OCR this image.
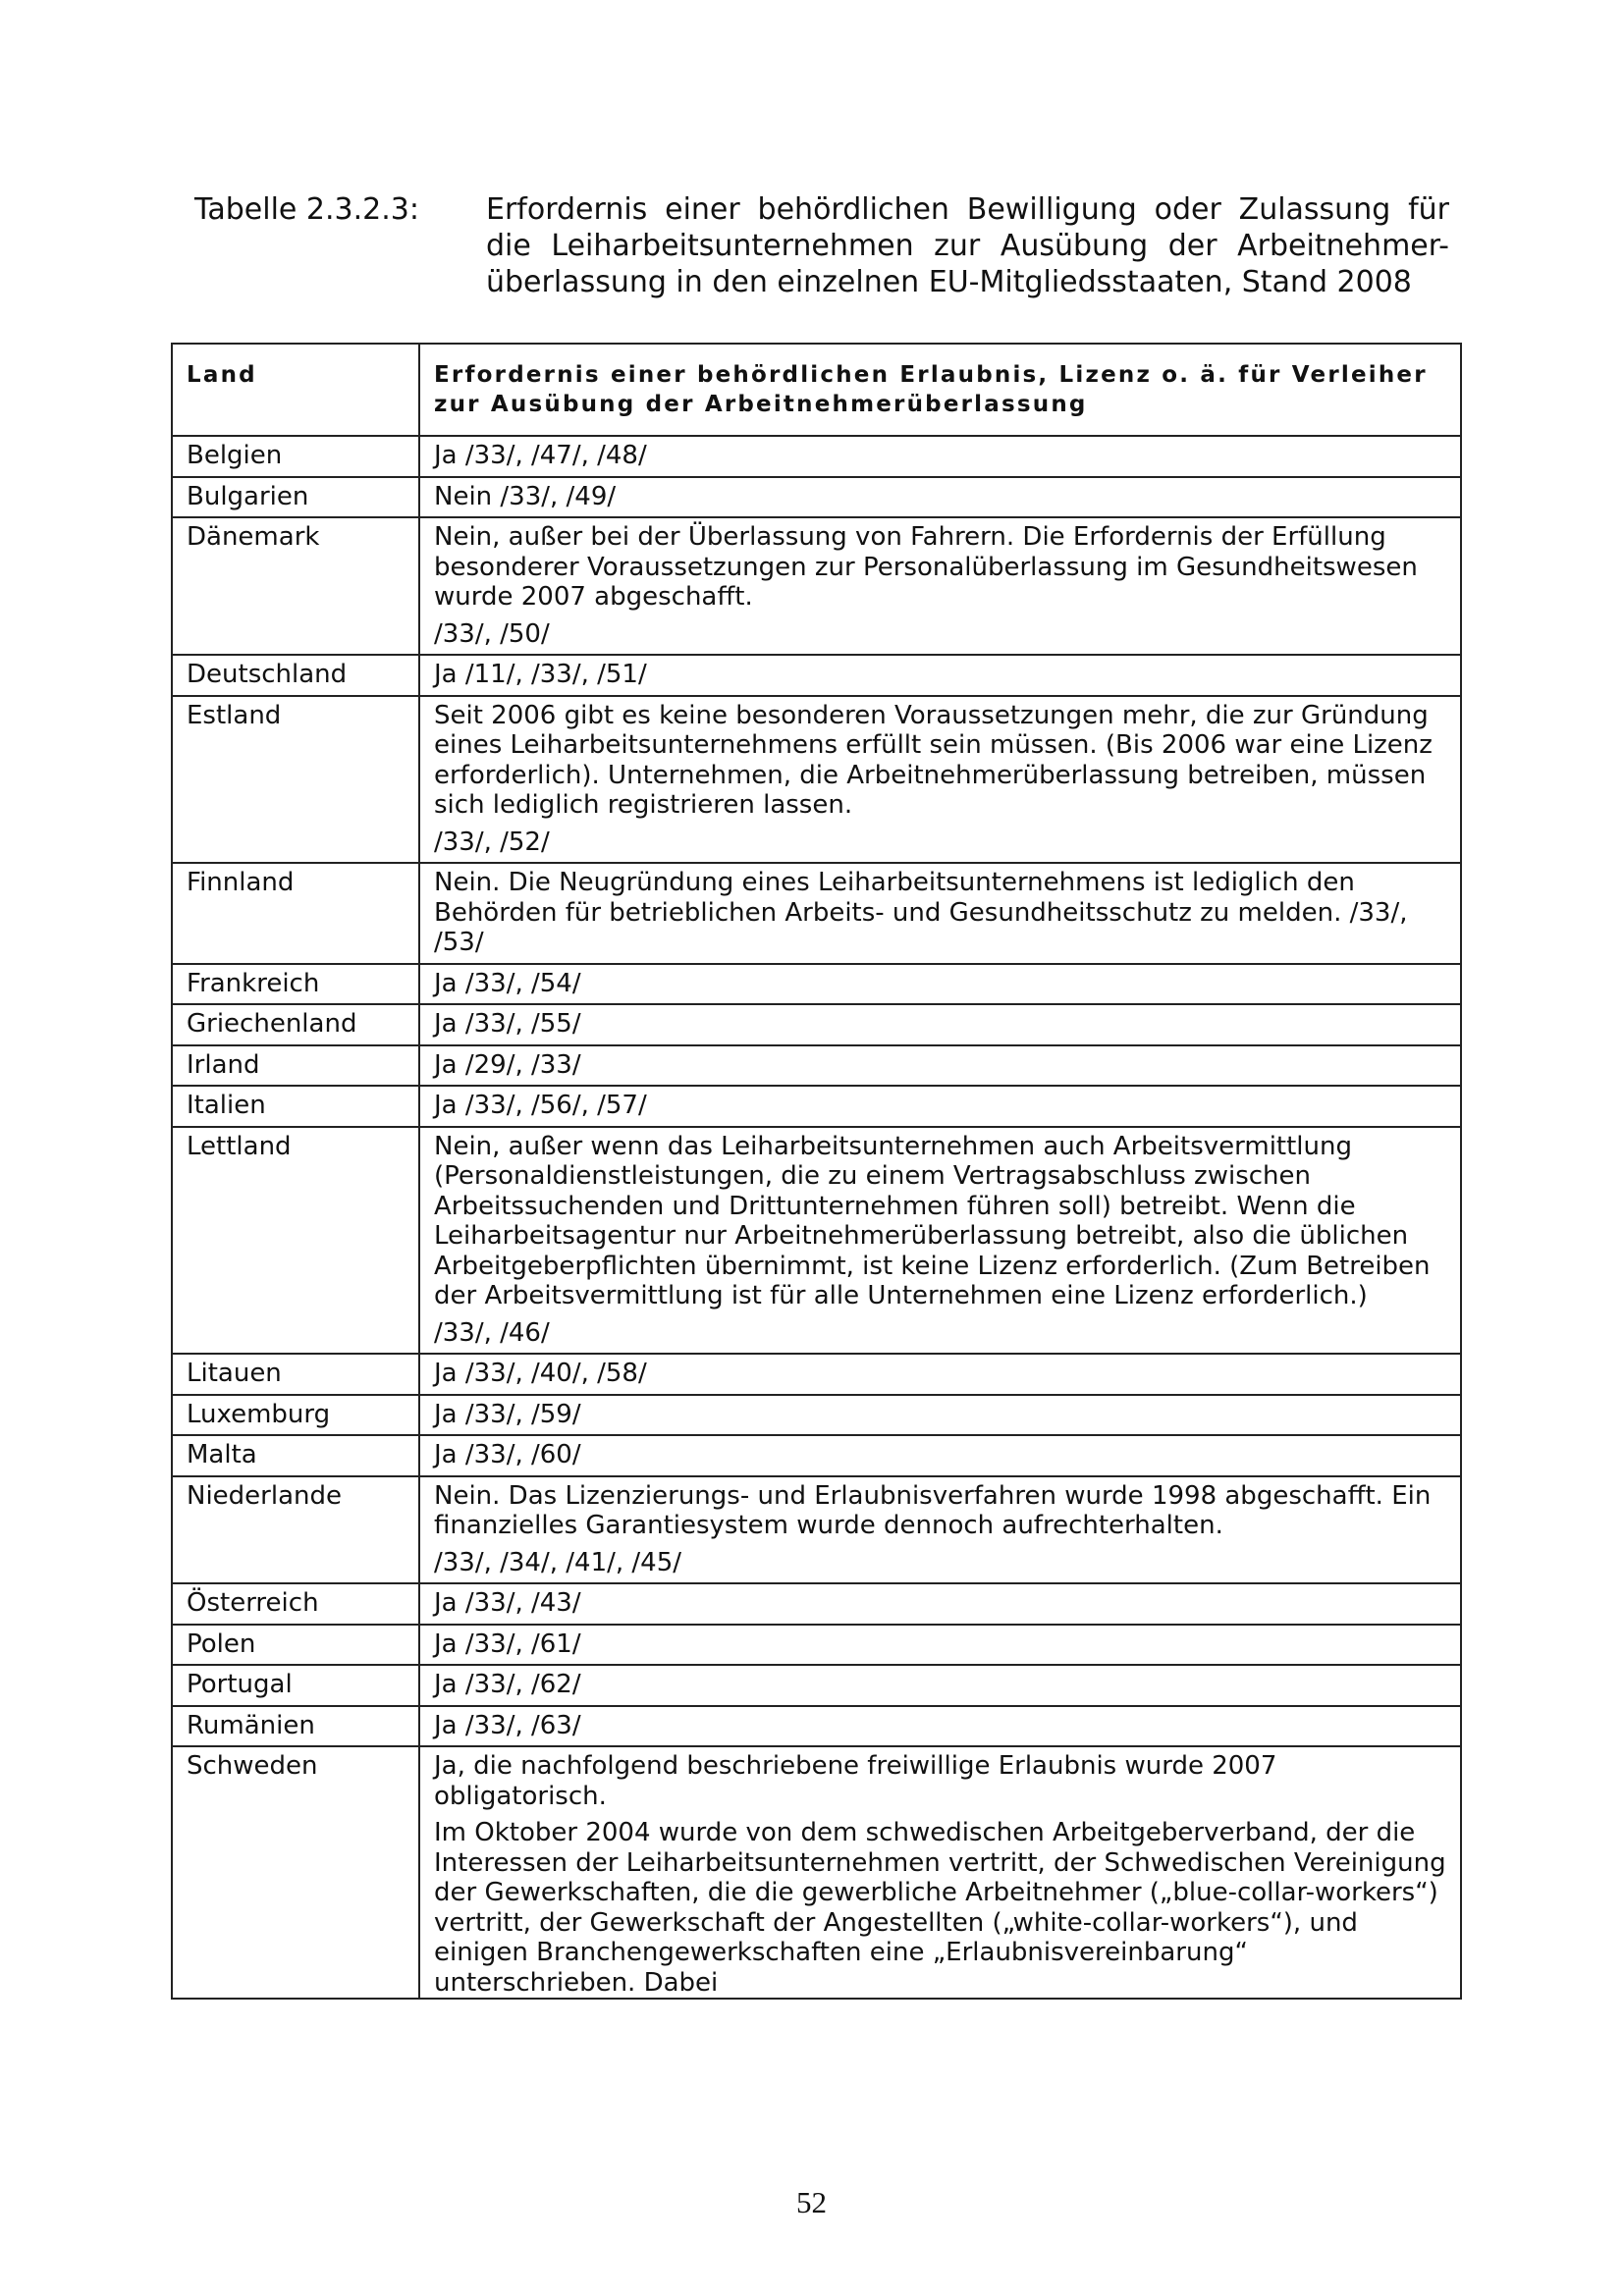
Tabelle 2.3.2.3:	Erfordernis einer behördlichen Bewilligung oder Zulassung für die Leiharbeitsunternehmen zur Ausübung der Arbeitnehmer-überlassung in den einzelnen EU-Mitgliedsstaaten, Stand 2008
Land	Erfordernis einer behördlichen Erlaubnis, Lizenz o. ä. für Verleiher zur Ausübung der Arbeitnehmerüberlassung
Belgien	Ja /33/, /47/, /48/

Bulgarien	Nein /33/, /49/

Dänemark	Nein, außer bei der Überlassung von Fahrern. Die Erfordernis der Erfüllung besonderer Voraussetzungen zur Personalüberlassung im Gesundheitswesen wurde 2007 abgeschafft.

/33/, /50/

Deutschland	Ja /11/, /33/, /51/

Estland	Seit 2006 gibt es keine besonderen Voraussetzungen mehr, die zur Gründung eines Leiharbeitsunternehmens erfüllt sein müssen. (Bis 2006 war eine Lizenz erforderlich). Unternehmen, die Arbeitnehmerüberlassung betreiben, müssen sich lediglich registrieren lassen.

/33/, /52/

Finnland	Nein. Die Neugründung eines Leiharbeitsunternehmens ist lediglich den Behörden für betrieblichen Arbeits- und Gesundheitsschutz zu melden. /33/, /53/

Frankreich	Ja /33/, /54/

Griechenland	Ja /33/, /55/

Irland	Ja /29/, /33/

Italien	Ja /33/, /56/, /57/

Lettland	Nein, außer wenn das Leiharbeitsunternehmen auch Arbeitsvermittlung (Personaldienstleistungen, die zu einem Vertragsabschluss zwischen Arbeitssuchenden und Drittunternehmen führen soll) betreibt. Wenn die Leiharbeitsagentur nur Arbeitnehmerüberlassung betreibt, also die üblichen Arbeitgeberpflichten übernimmt, ist keine Lizenz erforderlich. (Zum Betreiben der Arbeitsvermittlung ist für alle Unternehmen eine Lizenz erforderlich.)

/33/, /46/

Litauen	Ja /33/, /40/, /58/

Luxemburg	Ja /33/, /59/

Malta	Ja /33/, /60/

Niederlande	Nein. Das Lizenzierungs- und Erlaubnisverfahren wurde 1998 abgeschafft. Ein finanzielles Garantiesystem wurde dennoch aufrechterhalten.

/33/, /34/, /41/, /45/

Österreich	Ja /33/, /43/

Polen	Ja /33/, /61/

Portugal	Ja /33/, /62/

Rumänien	Ja /33/, /63/

Schweden	Ja, die nachfolgend beschriebene freiwillige Erlaubnis wurde 2007 obligatorisch.

Im Oktober 2004 wurde von dem schwedischen Arbeitgeberverband, der die Interessen der Leiharbeitsunternehmen vertritt, der Schwedischen Vereinigung der Gewerkschaften, die die gewerbliche Arbeitnehmer („blue-collar-workers“) vertritt, der Gewerkschaft der Angestellten („white-collar-workers“), und einigen Branchengewerkschaften eine „Erlaubnisvereinbarung“ unterschrieben. Dabei

52
